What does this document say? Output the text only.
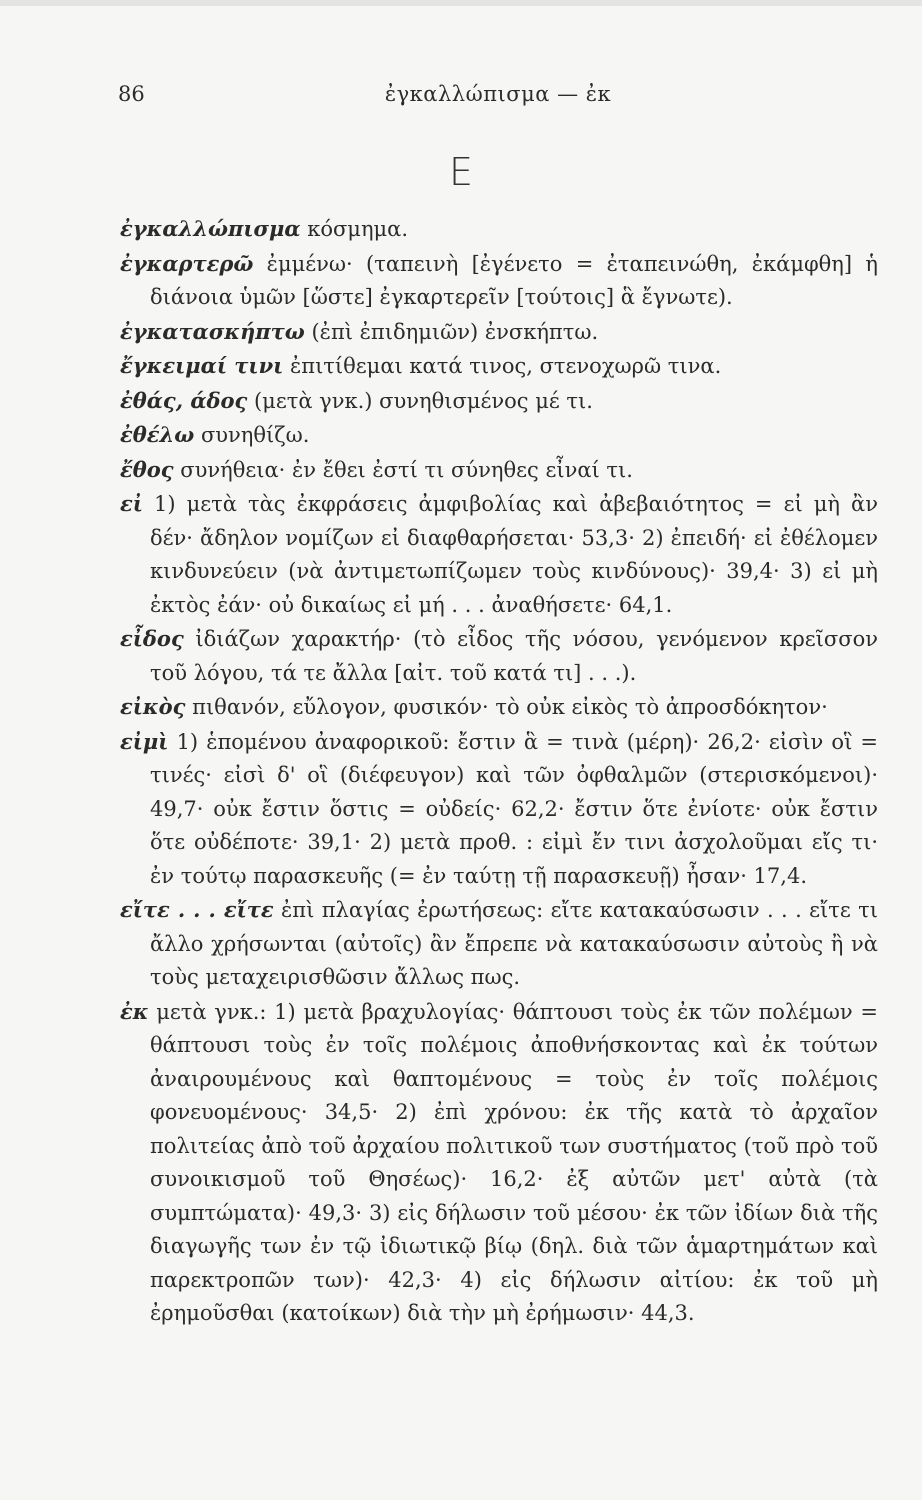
86	ἐγκαλλώπισμα — ἐκ
Ε

ἐγκαλλώπισμα κόσμημα.

ἐγκαρτερῶ ἐμμένω· (ταπεινὴ [ἐγένετο = ἐταπεινώθη, ἐκάμφθη] ἡ διάνοια ὑμῶν [ὥστε] ἐγκαρτερεῖν [τούτοις] ἃ ἔγνωτε).

ἐγκατασκήπτω (ἐπὶ ἐπιδημιῶν) ἐνσκήπτω.

ἔγκειμαί τινι ἐπιτίθεμαι κατά τινος, στενοχωρῶ τινα.

ἐθάς, άδος (μετὰ γνκ.) συνηθισμένος μέ τι.

ἐθέλω συνηθίζω.

ἔθος συνήθεια· ἐν ἔθει ἐστί τι σύνηθες εἶναί τι.

εἰ 1) μετὰ τὰς ἐκφράσεις ἀμφιβολίας καὶ ἀβεβαιότητος = εἰ μὴ ἂν δέν· ἄδηλον νομίζων εἰ διαφθαρήσεται· 53,3· 2) ἐπειδή· εἰ ἐθέλομεν κινδυνεύειν (νὰ ἀντιμετωπίζωμεν τοὺς κινδύνους)· 39,4· 3) εἰ μὴ ἐκτὸς ἐάν· οὐ δικαίως εἰ μή . . . ἀναθήσετε· 64,1.

εἶδος ἰδιάζων χαρακτήρ· (τὸ εἶδος τῆς νόσου, γενόμενον κρεῖσσον τοῦ λόγου, τά τε ἄλλα [αἰτ. τοῦ κατά τι] . . .).

εἰκὸς πιθανόν, εὔλογον, φυσικόν· τὸ οὐκ εἰκὸς τὸ ἀπροσδόκητον·

εἰμὶ 1) ἑπομένου ἀναφορικοῦ: ἔστιν ἃ = τινὰ (μέρη)· 26,2· εἰσὶν οἳ = τινές· εἰσὶ δ' οἳ (διέφευγον) καὶ τῶν ὀφθαλμῶν (στερισκόμενοι)· 49,7· οὐκ ἔστιν ὅστις = οὐδείς· 62,2· ἔστιν ὅτε ἐνίοτε· οὐκ ἔστιν ὅτε οὐδέποτε· 39,1· 2) μετὰ προθ. : εἰμὶ ἔν τινι ἀσχολοῦμαι εἴς τι· ἐν τούτῳ παρασκευῆς (= ἐν ταύτῃ τῇ παρασκευῇ) ἦσαν· 17,4.

εἴτε . . . εἴτε ἐπὶ πλαγίας ἐρωτήσεως: εἴτε κατακαύσωσιν . . . εἴτε τι ἄλλο χρήσωνται (αὐτοῖς) ἂν ἔπρεπε νὰ κατακαύσωσιν αὐτοὺς ἢ νὰ τοὺς μεταχειρισθῶσιν ἄλλως πως.

ἐκ μετὰ γνκ.: 1) μετὰ βραχυλογίας· θάπτουσι τοὺς ἐκ τῶν πολέμων = θάπτουσι τοὺς ἐν τοῖς πολέμοις ἀποθνήσκοντας καὶ ἐκ τούτων ἀναιρουμένους καὶ θαπτομένους = τοὺς ἐν τοῖς πολέμοις φονευομένους· 34,5· 2) ἐπὶ χρόνου: ἐκ τῆς κατὰ τὸ ἀρχαῖον πολιτείας ἀπὸ τοῦ ἀρχαίου πολιτικοῦ των συστήματος (τοῦ πρὸ τοῦ συνοικισμοῦ τοῦ Θησέως)· 16,2· ἐξ αὐτῶν μετ' αὐτὰ (τὰ συμπτώματα)· 49,3· 3) εἰς δήλωσιν τοῦ μέσου· ἐκ τῶν ἰδίων διὰ τῆς διαγωγῆς των ἐν τῷ ἰδιωτικῷ βίῳ (δηλ. διὰ τῶν ἁμαρτημάτων καὶ παρεκτροπῶν των)· 42,3· 4) εἰς δήλωσιν αἰτίου: ἐκ τοῦ μὴ ἐρημοῦσθαι (κατοίκων) διὰ τὴν μὴ ἐρήμωσιν· 44,3.
